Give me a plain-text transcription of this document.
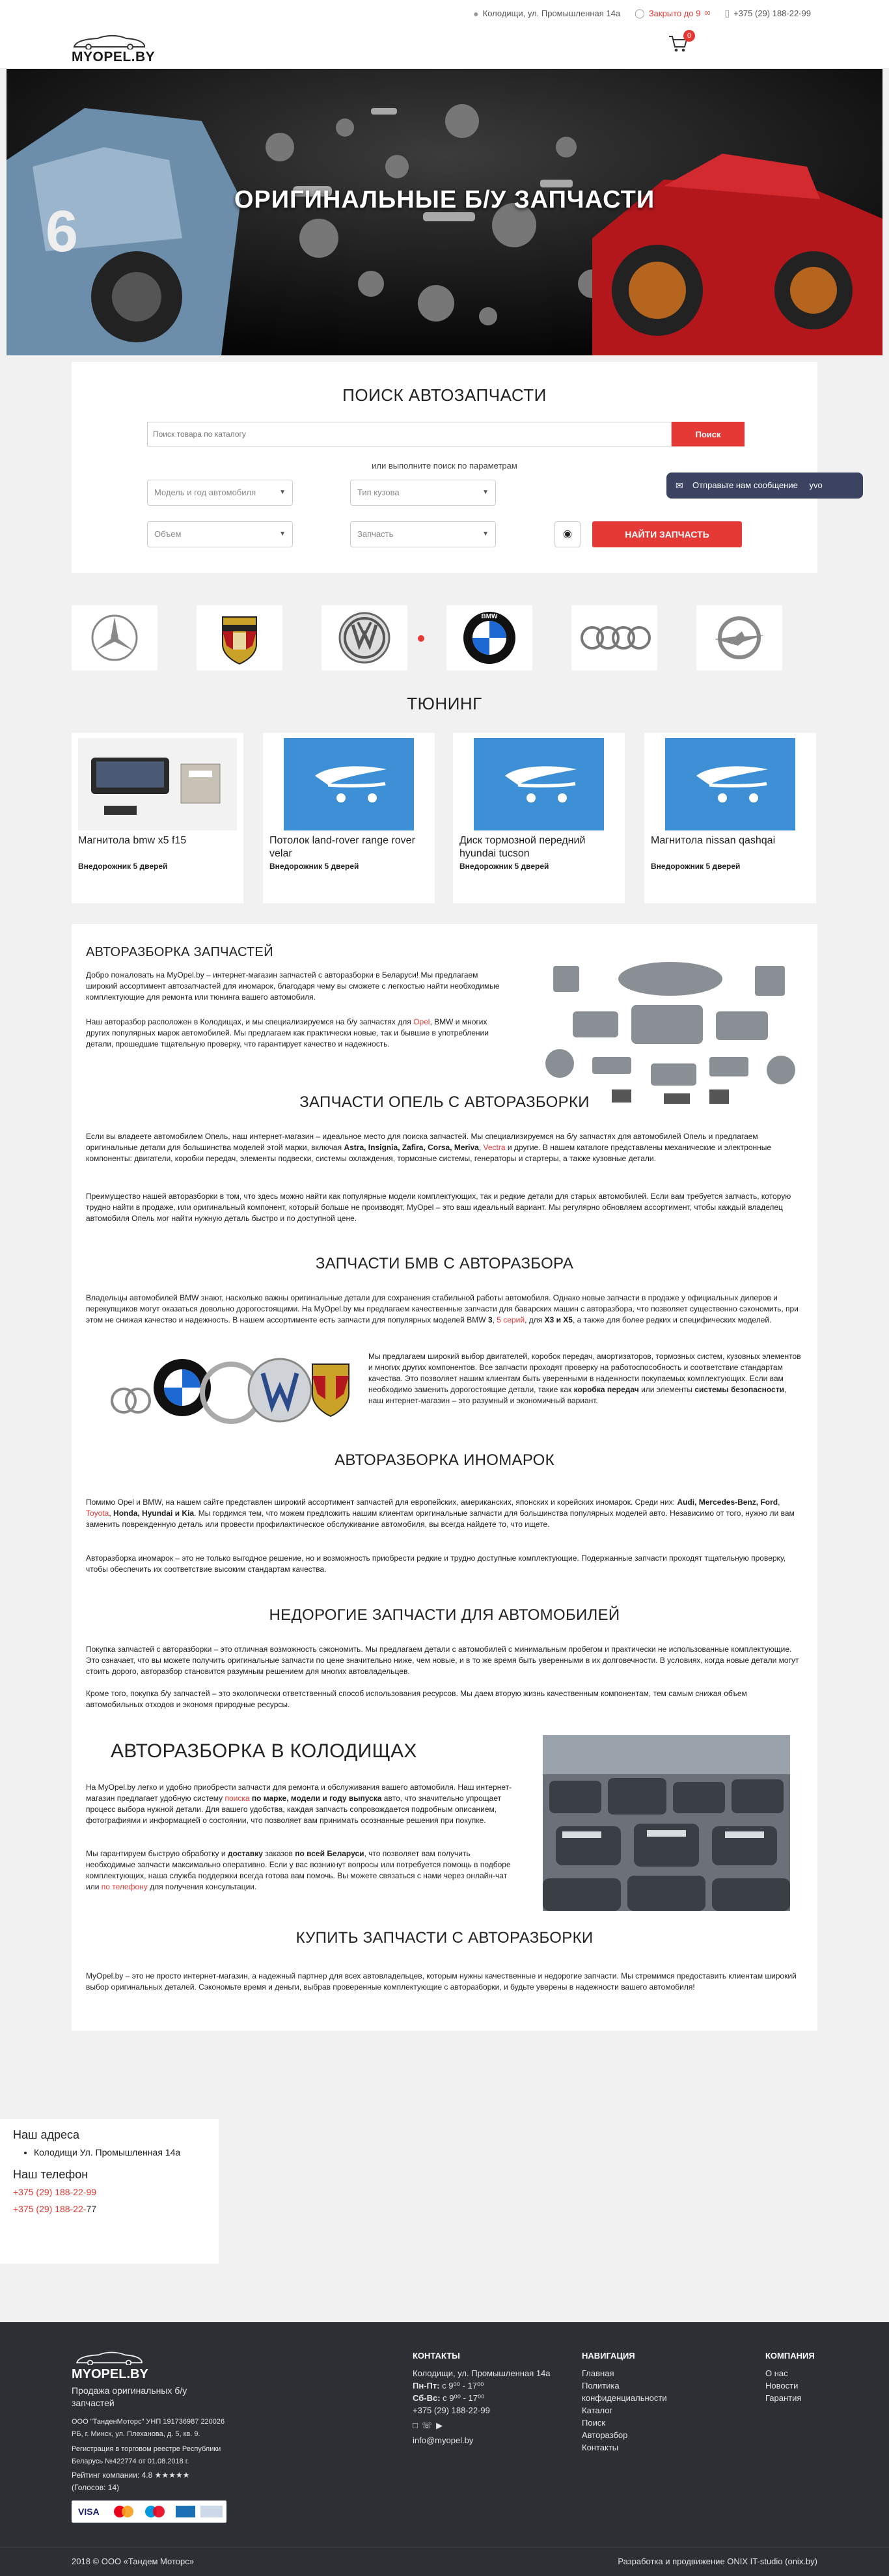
● Колодищи, ул. Промышленная 14а ◯ Закрыто до 9 00 ▯ +375 (29) 188-22-99
MYOPEL.BY
0
6	ОРИГИНАЛЬНЫЕ Б/У ЗАПЧАСТИ
ПОИСК АВТОЗАПЧАСТИ
Поиск товара по каталогу
Поиск
или выполните поиск по параметрам
Модель и год автомобиля	▼	Тип кузова	▼
Объем	▼	Запчасть	▼	◉	НАЙТИ ЗАПЧАСТЬ
✉ Отправьте нам сообщение yvo
BMW
ТЮНИНГ
Магнитола bmw x5 f15
Внедорожник 5 дверей
Потолок land-rover range rover velar
Внедорожник 5 дверей
Диск тормозной передний hyundai tucson
Внедорожник 5 дверей
Магнитола nissan qashqai
Внедорожник 5 дверей
АВТОРАЗБОРКА ЗАПЧАСТЕЙ
Добро пожаловать на MyOpel.by – интернет-магазин запчастей с авторазборки в Беларуси! Мы предлагаем широкий ассортимент автозапчастей для иномарок, благодаря чему вы сможете с легкостью найти необходимые комплектующие для ремонта или тюнинга вашего автомобиля.
Наш авторазбор расположен в Колодищах, и мы специализируемся на б/у запчастях для Opel, BMW и многих других популярных марок автомобилей. Мы предлагаем как практически новые, так и бывшие в употреблении детали, прошедшие тщательную проверку, что гарантирует качество и надежность.
ЗАПЧАСТИ ОПЕЛЬ С АВТОРАЗБОРКИ
Если вы владеете автомобилем Опель, наш интернет-магазин – идеальное место для поиска запчастей. Мы специализируемся на б/у запчастях для автомобилей Опель и предлагаем оригинальные детали для большинства моделей этой марки, включая Astra, Insignia, Zafira, Corsa, Meriva, Vectra и другие. В нашем каталоге представлены механические и электронные компоненты: двигатели, коробки передач, элементы подвески, системы охлаждения, тормозные системы, генераторы и стартеры, а также кузовные детали.
Преимущество нашей авторазборки в том, что здесь можно найти как популярные модели комплектующих, так и редкие детали для старых автомобилей. Если вам требуется запчасть, которую трудно найти в продаже, или оригинальный компонент, который больше не производят, MyOpel – это ваш идеальный вариант. Мы регулярно обновляем ассортимент, чтобы каждый владелец автомобиля Опель мог найти нужную деталь быстро и по доступной цене.
ЗАПЧАСТИ БМВ С АВТОРАЗБОРА
Владельцы автомобилей BMW знают, насколько важны оригинальные детали для сохранения стабильной работы автомобиля. Однако новые запчасти в продаже у официальных дилеров и перекупщиков могут оказаться довольно дорогостоящими. На MyOpel.by мы предлагаем качественные запчасти для баварских машин с авторазбора, что позволяет существенно сэкономить, при этом не снижая качество и надежность. В нашем ассортименте есть запчасти для популярных моделей BMW 3, 5 серий, для X3 и X5, а также для более редких и специфических моделей.
Мы предлагаем широкий выбор двигателей, коробок передач, амортизаторов, тормозных систем, кузовных элементов и многих других компонентов. Все запчасти проходят проверку на работоспособность и соответствие стандартам качества. Это позволяет нашим клиентам быть уверенными в надежности покупаемых комплектующих. Если вам необходимо заменить дорогостоящие детали, такие как коробка передач или элементы системы безопасности, наш интернет-магазин – это разумный и экономичный вариант.
АВТОРАЗБОРКА ИНОМАРОК
Помимо Opel и BMW, на нашем сайте представлен широкий ассортимент запчастей для европейских, американских, японских и корейских иномарок. Среди них: Audi, Mercedes-Benz, Ford, Toyota, Honda, Hyundai и Kia. Мы гордимся тем, что можем предложить нашим клиентам оригинальные запчасти для большинства популярных моделей авто. Независимо от того, нужно ли вам заменить поврежденную деталь или провести профилактическое обслуживание автомобиля, вы всегда найдете то, что ищете.
Авторазборка иномарок – это не только выгодное решение, но и возможность приобрести редкие и трудно доступные комплектующие. Подержанные запчасти проходят тщательную проверку, чтобы обеспечить их соответствие высоким стандартам качества.
НЕДОРОГИЕ ЗАПЧАСТИ ДЛЯ АВТОМОБИЛЕЙ
Покупка запчастей с авторазборки – это отличная возможность сэкономить. Мы предлагаем детали с автомобилей с минимальным пробегом и практически не использованные комплектующие. Это означает, что вы можете получить оригинальные запчасти по цене значительно ниже, чем новые, и в то же время быть уверенными в их долговечности. В условиях, когда новые детали могут стоить дорого, авторазбор становится разумным решением для многих автовладельцев.
Кроме того, покупка б/у запчастей – это экологически ответственный способ использования ресурсов. Мы даем вторую жизнь качественным компонентам, тем самым снижая объем автомобильных отходов и экономя природные ресурсы.
АВТОРАЗБОРКА В КОЛОДИЩАХ
На MyOpel.by легко и удобно приобрести запчасти для ремонта и обслуживания вашего автомобиля. Наш интернет-магазин предлагает удобную систему поиска по марке, модели и году выпуска авто, что значительно упрощает процесс выбора нужной детали. Для вашего удобства, каждая запчасть сопровождается подробным описанием, фотографиями и информацией о состоянии, что позволяет вам принимать осознанные решения при покупке.
Мы гарантируем быструю обработку и доставку заказов по всей Беларуси, что позволяет вам получить необходимые запчасти максимально оперативно. Если у вас возникнут вопросы или потребуется помощь в подборе комплектующих, наша служба поддержки всегда готова вам помочь. Вы можете связаться с нами через онлайн-чат или по телефону для получения консультации.
КУПИТЬ ЗАПЧАСТИ С АВТОРАЗБОРКИ
MyOpel.by – это не просто интернет-магазин, а надежный партнер для всех автовладельцев, которым нужны качественные и недорогие запчасти. Мы стремимся предоставить клиентам широкий выбор оригинальных деталей. Сэкономьте время и деньги, выбрав проверенные комплектующие с авторазборки, и будьте уверены в надежности вашего автомобиля!
Наш адреса
• Колодищи Ул. Промышленная 14а
Наш телефон
+375 (29) 188-22-99
+375 (29) 188-22-77
MYOPEL.BY
Продажа оригинальных б/у запчастей
ООО "ТанденМоторс" УНП 191736987 220026
РБ, г. Минск, ул. Плеханова, д. 5, кв. 9.
Регистрация в торговом реестре Республики
Беларусь №422774 от 01.08.2018 г.
Рейтинг компании: 4.8 ★★★★★
(Голосов: 14)
VISA
КОНТАКТЫ
Колодищи, ул. Промышленная 14а
Пн-Пт: с 9⁰⁰ - 17⁰⁰
Сб-Вс: с 9⁰⁰ - 17⁰⁰
+375 (29) 188-22-99
□ ☏ ▶
info@myopel.by
НАВИГАЦИЯ
Главная
Политика конфиденциальности
Каталог
Поиск
Авторазбор
Контакты
КОМПАНИЯ
О нас
Новости
Гарантия
2018 © ООО «Тандем Моторс»	Разработка и продвижение ONIX IT-studio (onix.by)
